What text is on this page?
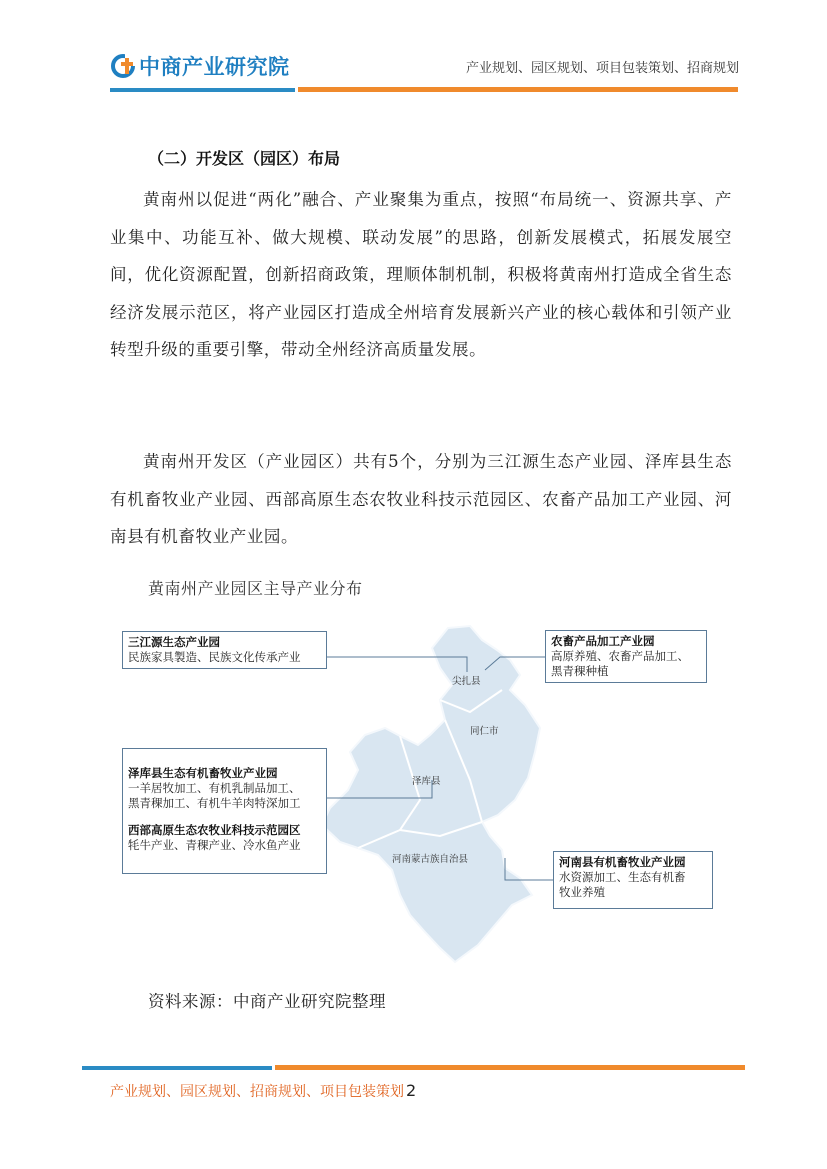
中商产业研究院	产业规划、园区规划、项目包装策划、招商规划
（二）开发区（园区）布局
黄南州以促进“两化”融合、产业聚集为重点，按照“布局统一、资源共享、产业集中、功能互补、做大规模、联动发展”的思路，创新发展模式，拓展发展空间，优化资源配置，创新招商政策，理顺体制机制，积极将黄南州打造成全省生态经济发展示范区，将产业园区打造成全州培育发展新兴产业的核心载体和引领产业转型升级的重要引擎，带动全州经济高质量发展。
黄南州开发区（产业园区）共有5个，分别为三江源生态产业园、泽库县生态有机畜牧业产业园、西部高原生态农牧业科技示范园区、农畜产品加工产业园、河南县有机畜牧业产业园。
黄南州产业园区主导产业分布
尖扎县
同仁市
泽库县
河南蒙古族自治县
三江源生态产业园
民族家具製造、民族文化传承产业
农畜产品加工产业园
高原养殖、农畜产品加工、
黑青稞种植
泽库县生态有机畜牧业产业园
一羊居牧加工、有机乳制品加工、
黑青稞加工、有机牛羊肉特深加工
西部高原生态农牧业科技示范园区
牦牛产业、青稞产业、冷水鱼产业
河南县有机畜牧业产业园
水资源加工、生态有机畜
牧业养殖
资料来源：中商产业研究院整理
产业规划、园区规划、招商规划、项目包装策划 2
